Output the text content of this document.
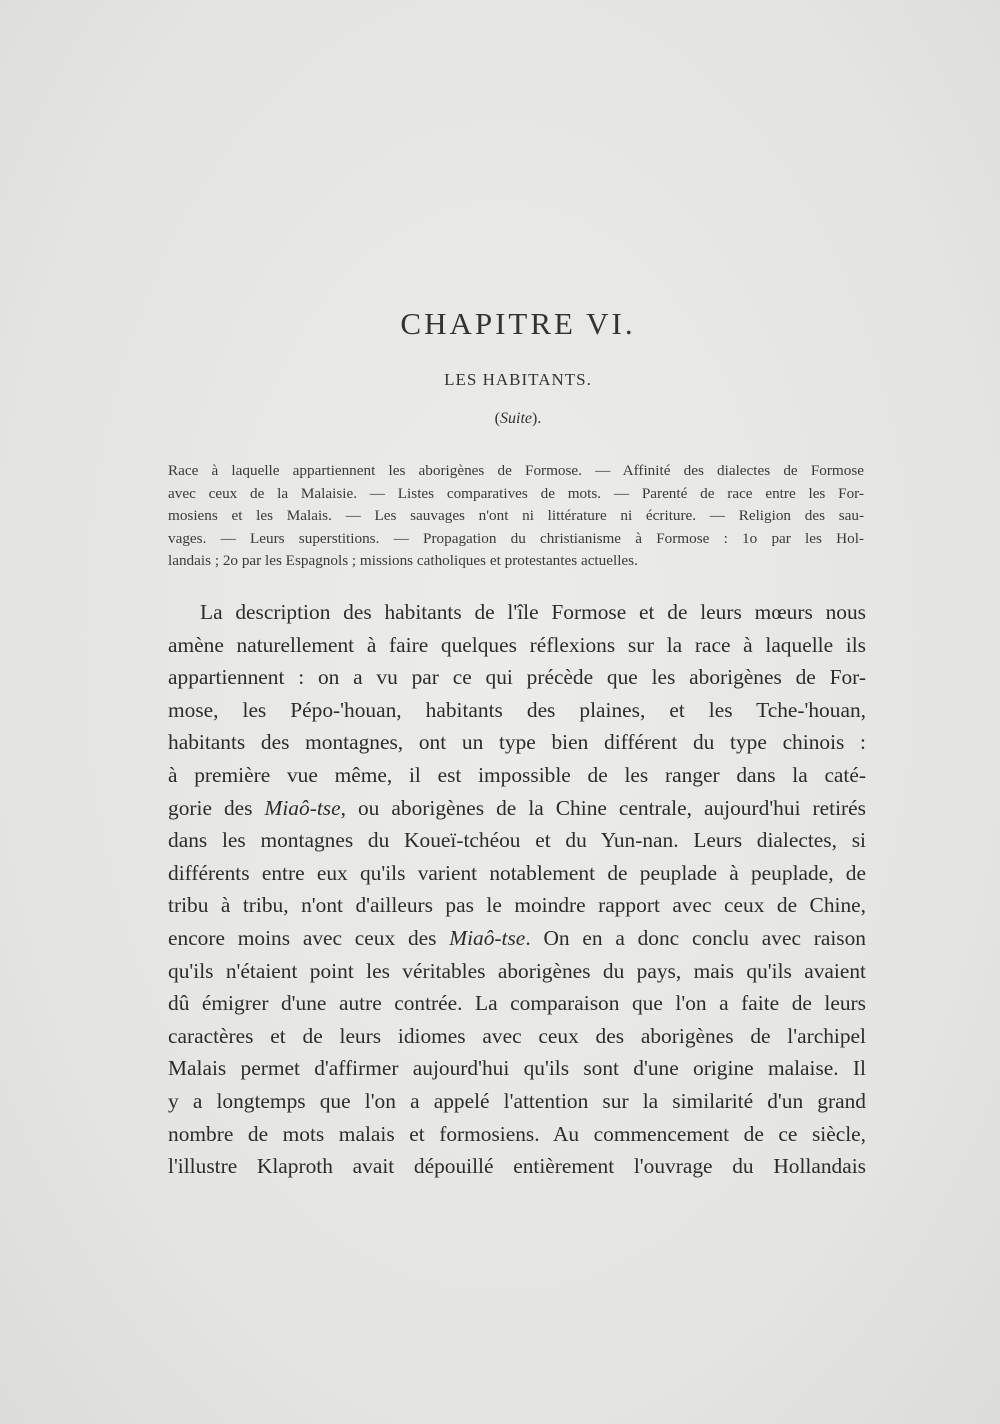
CHAPITRE VI.
LES HABITANTS.
(Suite).
Race à laquelle appartiennent les aborigènes de Formose. — Affinité des dialectes de Formose
avec ceux de la Malaisie. — Listes comparatives de mots. — Parenté de race entre les For-
mosiens et les Malais. — Les sauvages n'ont ni littérature ni écriture. — Religion des sau-
vages. — Leurs superstitions. — Propagation du christianisme à Formose : 1o par les Hol-
landais ; 2o par les Espagnols ; missions catholiques et protestantes actuelles.
La description des habitants de l'île Formose et de leurs mœurs nous
amène naturellement à faire quelques réflexions sur la race à laquelle ils
appartiennent : on a vu par ce qui précède que les aborigènes de For-
mose, les Pépo-'houan, habitants des plaines, et les Tche-'houan,
habitants des montagnes, ont un type bien différent du type chinois :
à première vue même, il est impossible de les ranger dans la caté-
gorie des Miaô-tse, ou aborigènes de la Chine centrale, aujourd'hui retirés
dans les montagnes du Koueï-tchéou et du Yun-nan. Leurs dialectes, si
différents entre eux qu'ils varient notablement de peuplade à peuplade, de
tribu à tribu, n'ont d'ailleurs pas le moindre rapport avec ceux de Chine,
encore moins avec ceux des Miaô-tse. On en a donc conclu avec raison
qu'ils n'étaient point les véritables aborigènes du pays, mais qu'ils avaient
dû émigrer d'une autre contrée. La comparaison que l'on a faite de leurs
caractères et de leurs idiomes avec ceux des aborigènes de l'archipel
Malais permet d'affirmer aujourd'hui qu'ils sont d'une origine malaise. Il
y a longtemps que l'on a appelé l'attention sur la similarité d'un grand
nombre de mots malais et formosiens. Au commencement de ce siècle,
l'illustre Klaproth avait dépouillé entièrement l'ouvrage du Hollandais
